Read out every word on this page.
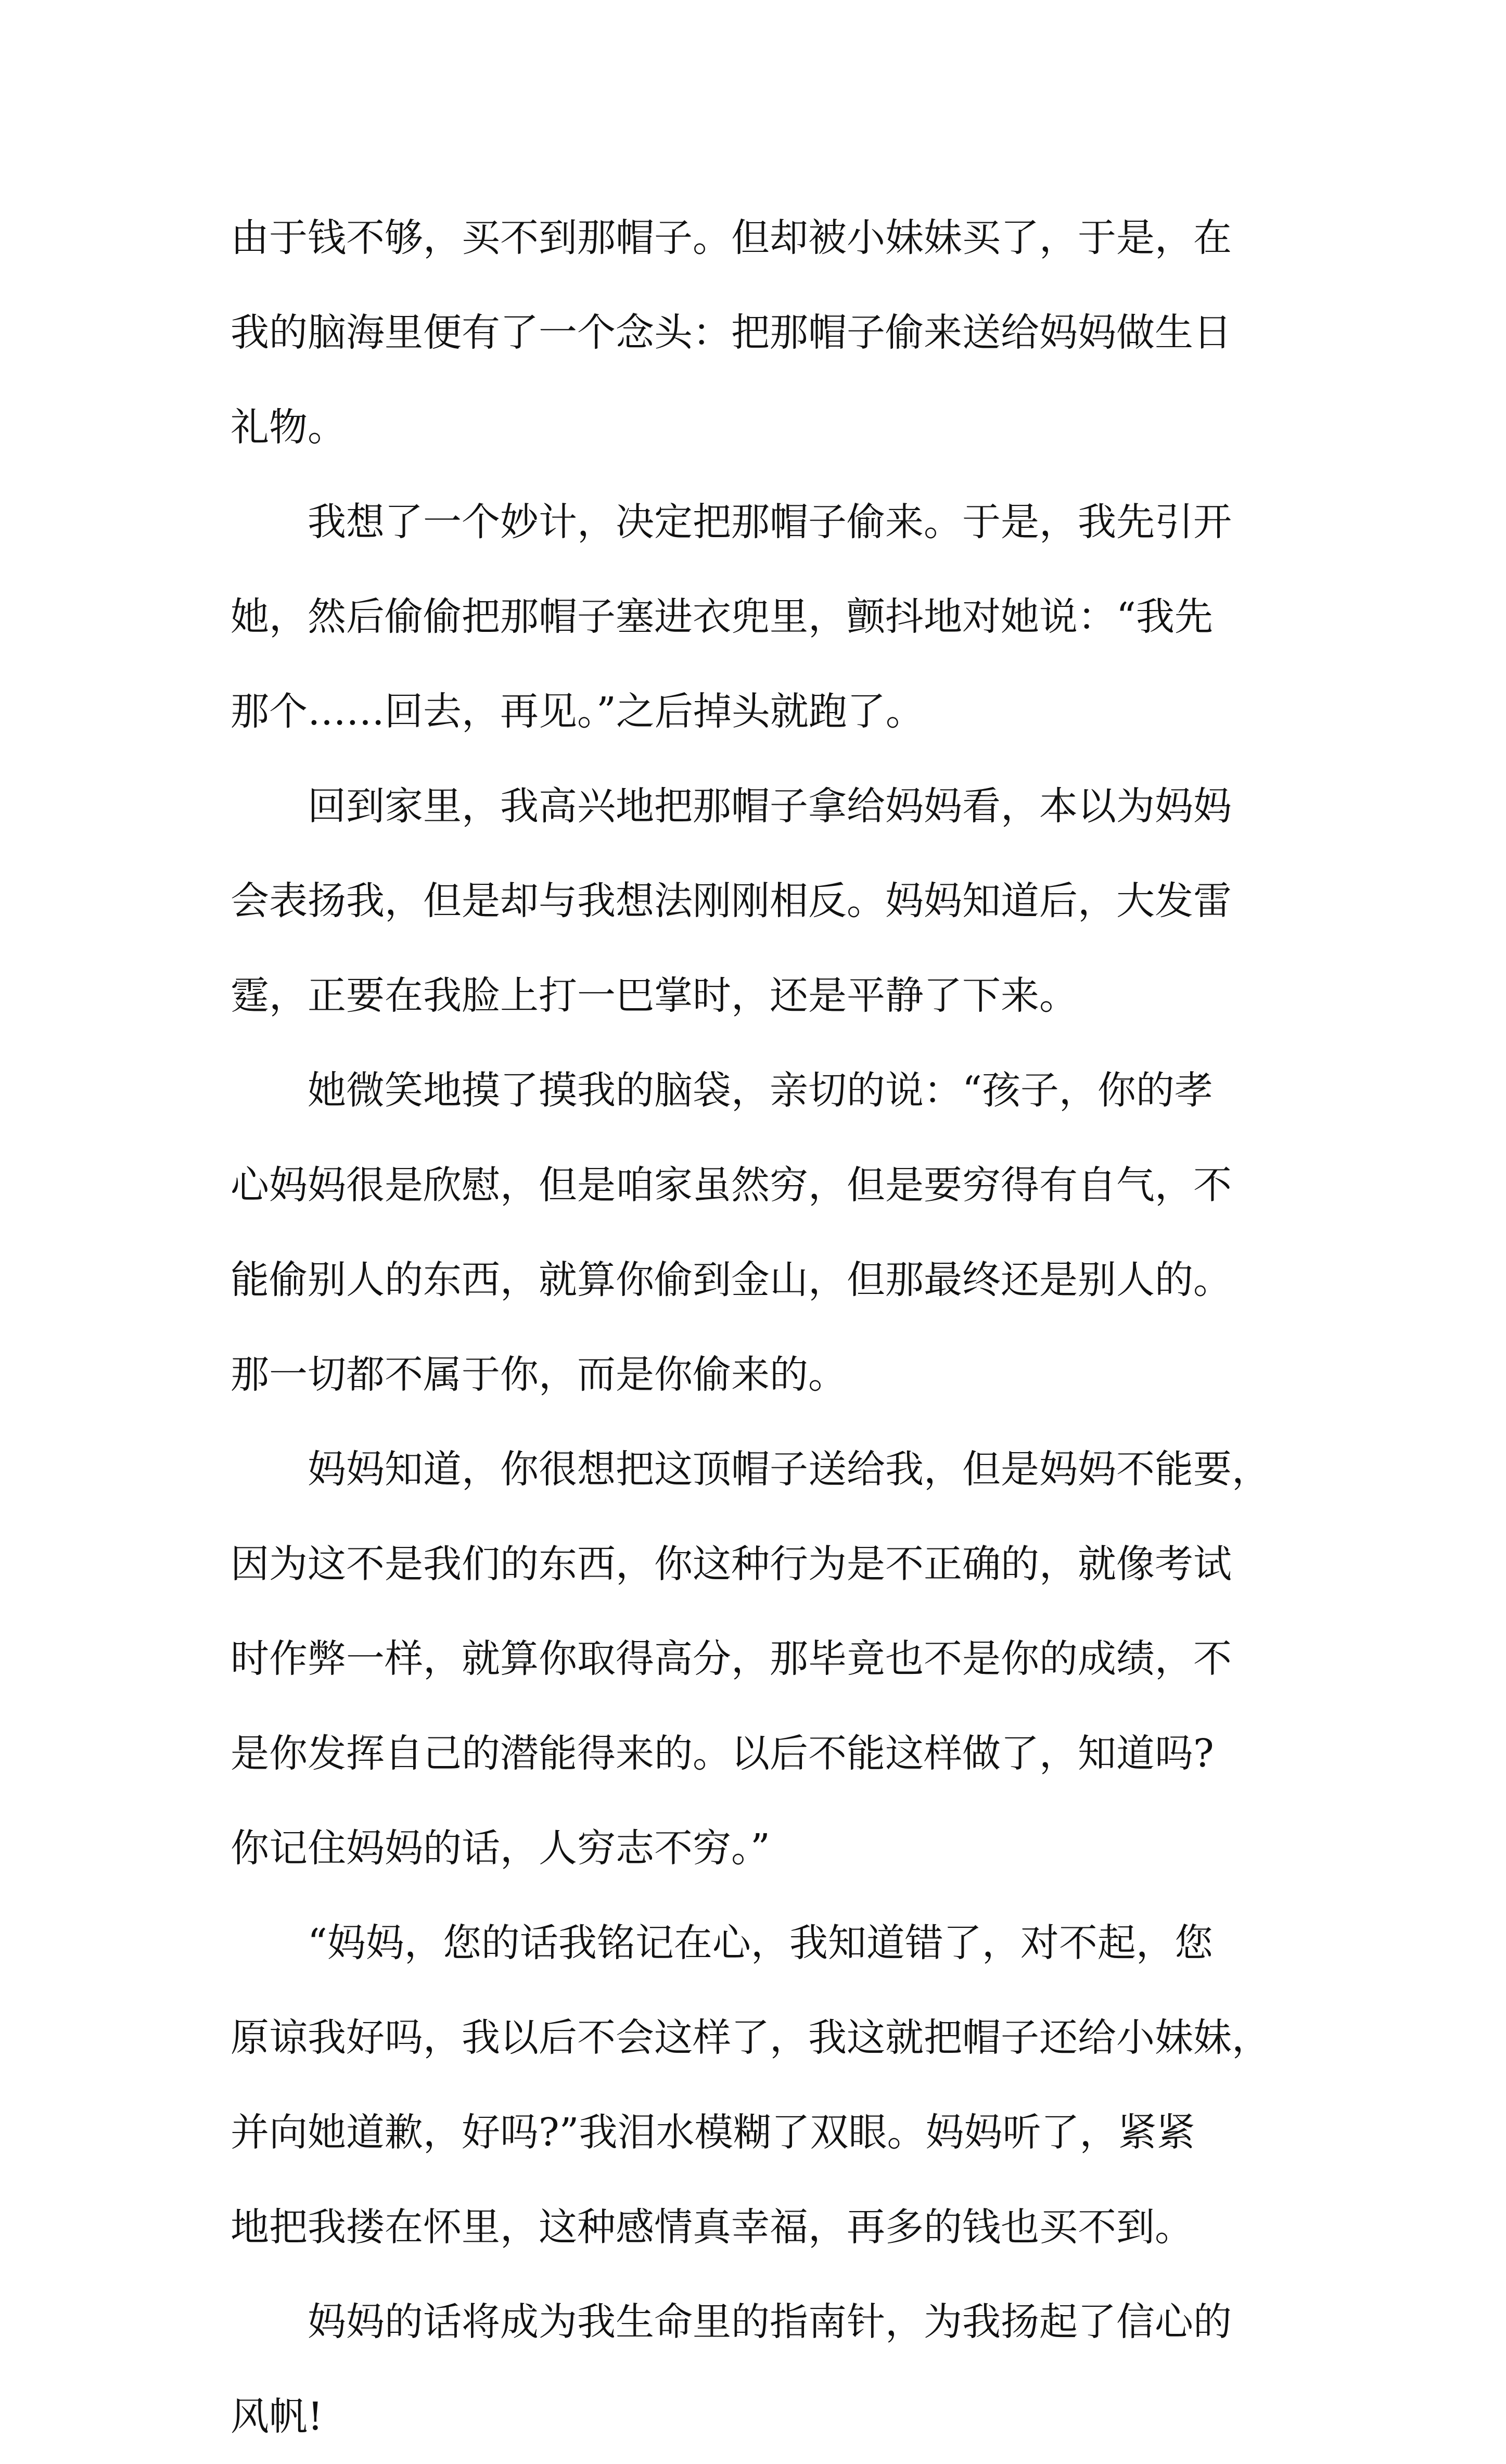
由于钱不够，买不到那帽子。但却被小妹妹买了，于是，在
我的脑海里便有了一个念头：把那帽子偷来送给妈妈做生日
礼物。
　　我想了一个妙计，决定把那帽子偷来。于是，我先引开
她，然后偷偷把那帽子塞进衣兜里，颤抖地对她说：“我先
那个……回去，再见。”之后掉头就跑了。
　　回到家里，我高兴地把那帽子拿给妈妈看，本以为妈妈
会表扬我，但是却与我想法刚刚相反。妈妈知道后，大发雷
霆，正要在我脸上打一巴掌时，还是平静了下来。
　　她微笑地摸了摸我的脑袋，亲切的说：“孩子，你的孝
心妈妈很是欣慰，但是咱家虽然穷，但是要穷得有自气，不
能偷别人的东西，就算你偷到金山，但那最终还是别人的。
那一切都不属于你，而是你偷来的。
　　妈妈知道，你很想把这顶帽子送给我，但是妈妈不能要，
因为这不是我们的东西，你这种行为是不正确的，就像考试
时作弊一样，就算你取得高分，那毕竟也不是你的成绩，不
是你发挥自己的潜能得来的。以后不能这样做了，知道吗?
你记住妈妈的话，人穷志不穷。”
　　“妈妈，您的话我铭记在心，我知道错了，对不起，您
原谅我好吗，我以后不会这样了，我这就把帽子还给小妹妹，
并向她道歉，好吗?”我泪水模糊了双眼。妈妈听了，紧紧
地把我搂在怀里，这种感情真幸福，再多的钱也买不到。
　　妈妈的话将成为我生命里的指南针，为我扬起了信心的
风帆!
